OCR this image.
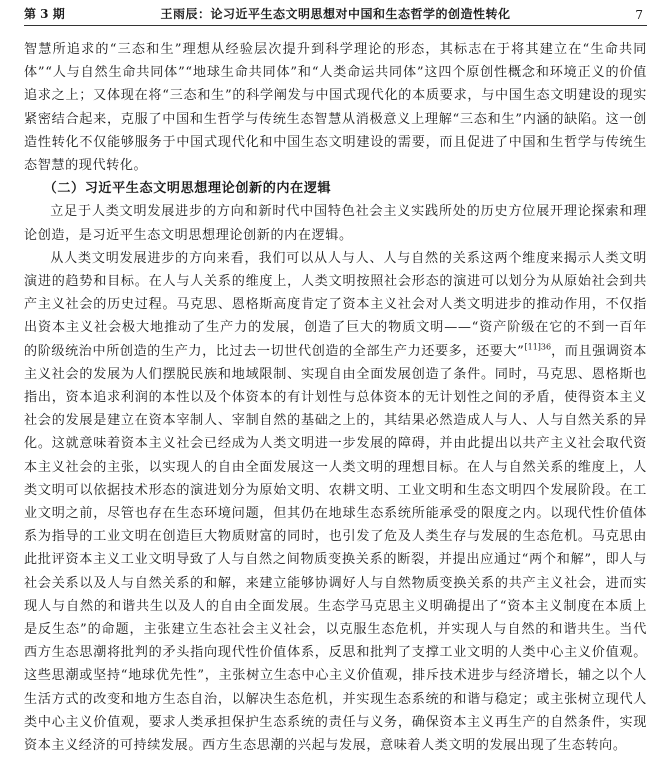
第 3 期	王雨辰：论习近平生态文明思想对中国和生态哲学的创造性转化	7

智慧所追求的“三态和生”理想从经验层次提升到科学理论的形态，其标志在于将其建立在“生命共同体”“人与自然生命共同体”“地球生命共同体”和“人类命运共同体”这四个原创性概念和环境正义的价值追求之上；又体现在将“三态和生”的科学阐发与中国式现代化的本质要求，与中国生态文明建设的现实紧密结合起来，克服了中国和生哲学与传统生态智慧从消极意义上理解“三态和生”内涵的缺陷。这一创造性转化不仅能够服务于中国式现代化和中国生态文明建设的需要，而且促进了中国和生哲学与传统生态智慧的现代转化。

（二）习近平生态文明思想理论创新的内在逻辑

立足于人类文明发展进步的方向和新时代中国特色社会主义实践所处的历史方位展开理论探索和理论创造，是习近平生态文明思想理论创新的内在逻辑。

从人类文明发展进步的方向来看，我们可以从人与人、人与自然的关系这两个维度来揭示人类文明演进的趋势和目标。在人与人关系的维度上，人类文明按照社会形态的演进可以划分为从原始社会到共产主义社会的历史过程。马克思、恩格斯高度肯定了资本主义社会对人类文明进步的推动作用，不仅指出资本主义社会极大地推动了生产力的发展，创造了巨大的物质文明——“资产阶级在它的不到一百年的阶级统治中所创造的生产力，比过去一切世代创造的全部生产力还要多，还要大”$^{[11]36}$，而且强调资本主义社会的发展为人们摆脱民族和地域限制、实现自由全面发展创造了条件。同时，马克思、恩格斯也指出，资本追求利润的本性以及个体资本的有计划性与总体资本的无计划性之间的矛盾，使得资本主义社会的发展是建立在资本宰制人、宰制自然的基础之上的，其结果必然造成人与人、人与自然关系的异化。这就意味着资本主义社会已经成为人类文明进一步发展的障碍，并由此提出以共产主义社会取代资本主义社会的主张，以实现人的自由全面发展这一人类文明的理想目标。在人与自然关系的维度上，人类文明可以依据技术形态的演进划分为原始文明、农耕文明、工业文明和生态文明四个发展阶段。在工业文明之前，尽管也存在生态环境问题，但其仍在地球生态系统所能承受的限度之内。以现代性价值体系为指导的工业文明在创造巨大物质财富的同时，也引发了危及人类生存与发展的生态危机。马克思由此批评资本主义工业文明导致了人与自然之间物质变换关系的断裂，并提出应通过“两个和解”，即人与社会关系以及人与自然关系的和解，来建立能够协调好人与自然物质变换关系的共产主义社会，进而实现人与自然的和谐共生以及人的自由全面发展。生态学马克思主义明确提出了“资本主义制度在本质上是反生态”的命题，主张建立生态社会主义社会，以克服生态危机，并实现人与自然的和谐共生。当代西方生态思潮将批判的矛头指向现代性价值体系，反思和批判了支撑工业文明的人类中心主义价值观。这些思潮或坚持“地球优先性”，主张树立生态中心主义价值观，排斥技术进步与经济增长，辅之以个人生活方式的改变和地方生态自治，以解决生态危机，并实现生态系统的和谐与稳定；或主张树立现代人类中心主义价值观，要求人类承担保护生态系统的责任与义务，确保资本主义再生产的自然条件，实现资本主义经济的可持续发展。西方生态思潮的兴起与发展，意味着人类文明的发展出现了生态转向。
